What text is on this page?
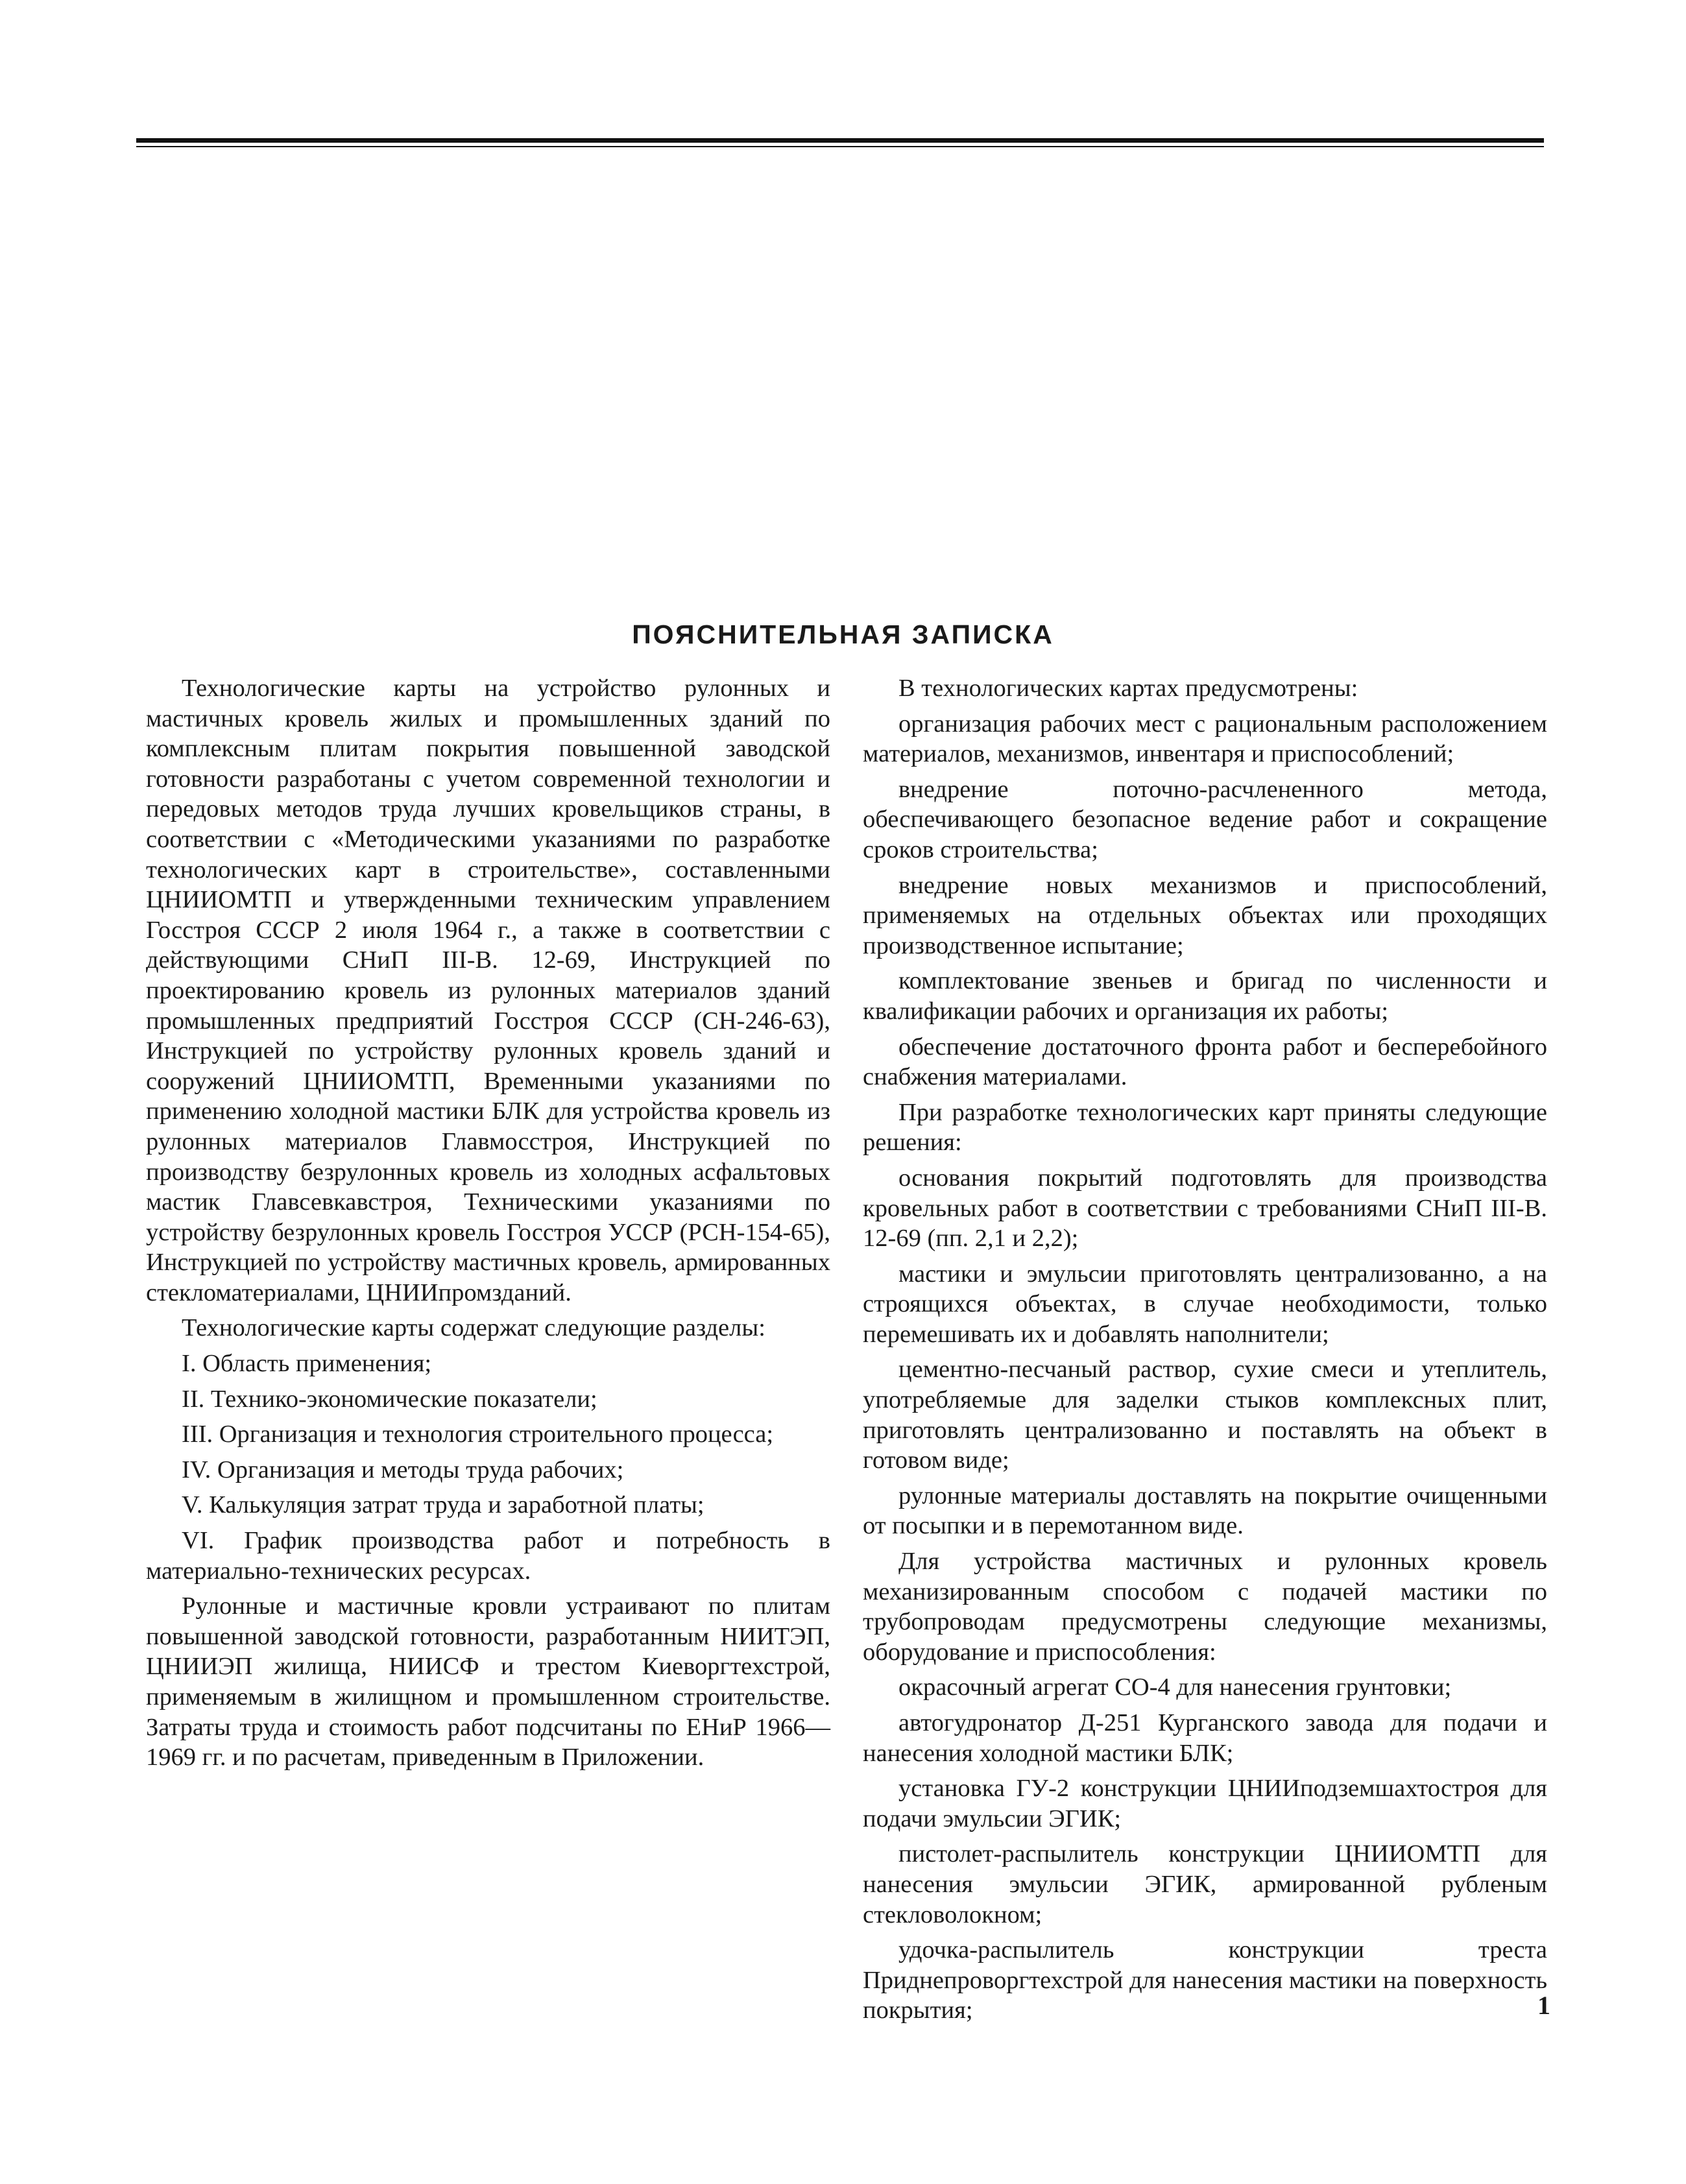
ПОЯСНИТЕЛЬНАЯ ЗАПИСКА

Технологические карты на устройство рулонных и мастичных кровель жилых и промышленных зданий по комплексным плитам покрытия повышенной заводской готовности разработаны с учетом современной технологии и передовых методов труда лучших кровельщиков страны, в соответствии с «Методическими указаниями по разработке технологических карт в строительстве», составленными ЦНИИОМТП и утвержденными техническим управлением Госстроя СССР 2 июля 1964 г., а также в соответствии с действующими СНиП III-В. 12-69, Инструкцией по проектированию кровель из рулонных материалов зданий промышленных предприятий Госстроя СССР (СН-246-63), Инструкцией по устройству рулонных кровель зданий и сооружений ЦНИИОМТП, Временными указаниями по применению холодной мастики БЛК для устройства кровель из рулонных материалов Главмосстроя, Инструкцией по производству безрулонных кровель из холодных асфальтовых мастик Главсевкавстроя, Техническими указаниями по устройству безрулонных кровель Госстроя УССР (РСН-154-65), Инструкцией по устройству мастичных кровель, армированных стекломатериалами, ЦНИИпромзданий.

Технологические карты содержат следующие разделы:

I. Область применения;

II. Технико-экономические показатели;

III. Организация и технология строительного процесса;

IV. Организация и методы труда рабочих;

V. Калькуляция затрат труда и заработной платы;

VI. График производства работ и потребность в материально-технических ресурсах.

Рулонные и мастичные кровли устраивают по плитам повышенной заводской готовности, разработанным НИИТЭП, ЦНИИЭП жилища, НИИСФ и трестом Киеворгтехстрой, применяемым в жилищном и промышленном строительстве. Затраты труда и стоимость работ подсчитаны по ЕНиР 1966—1969 гг. и по расчетам, приведенным в Приложении.

В технологических картах предусмотрены:

организация рабочих мест с рациональным расположением материалов, механизмов, инвентаря и приспособлений;

внедрение поточно-расчлененного метода, обеспечивающего безопасное ведение работ и сокращение сроков строительства;

внедрение новых механизмов и приспособлений, применяемых на отдельных объектах или проходящих производственное испытание;

комплектование звеньев и бригад по численности и квалификации рабочих и организация их работы;

обеспечение достаточного фронта работ и бесперебойного снабжения материалами.

При разработке технологических карт приняты следующие решения:

основания покрытий подготовлять для производства кровельных работ в соответствии с требованиями СНиП III-В. 12-69 (пп. 2,1 и 2,2);

мастики и эмульсии приготовлять централизованно, а на строящихся объектах, в случае необходимости, только перемешивать их и добавлять наполнители;

цементно-песчаный раствор, сухие смеси и утеплитель, употребляемые для заделки стыков комплексных плит, приготовлять централизованно и поставлять на объект в готовом виде;

рулонные материалы доставлять на покрытие очищенными от посыпки и в перемотанном виде.

Для устройства мастичных и рулонных кровель механизированным способом с подачей мастики по трубопроводам предусмотрены следующие механизмы, оборудование и приспособления:

окрасочный агрегат СО-4 для нанесения грунтовки;

автогудронатор Д-251 Курганского завода для подачи и нанесения холодной мастики БЛК;

установка ГУ-2 конструкции ЦНИИподземшахтостроя для подачи эмульсии ЭГИК;

пистолет-распылитель конструкции ЦНИИОМТП для нанесения эмульсии ЭГИК, армированной рубленым стекловолокном;

удочка-распылитель конструкции треста Приднепроворгтехстрой для нанесения мастики на поверхность покрытия;	1
